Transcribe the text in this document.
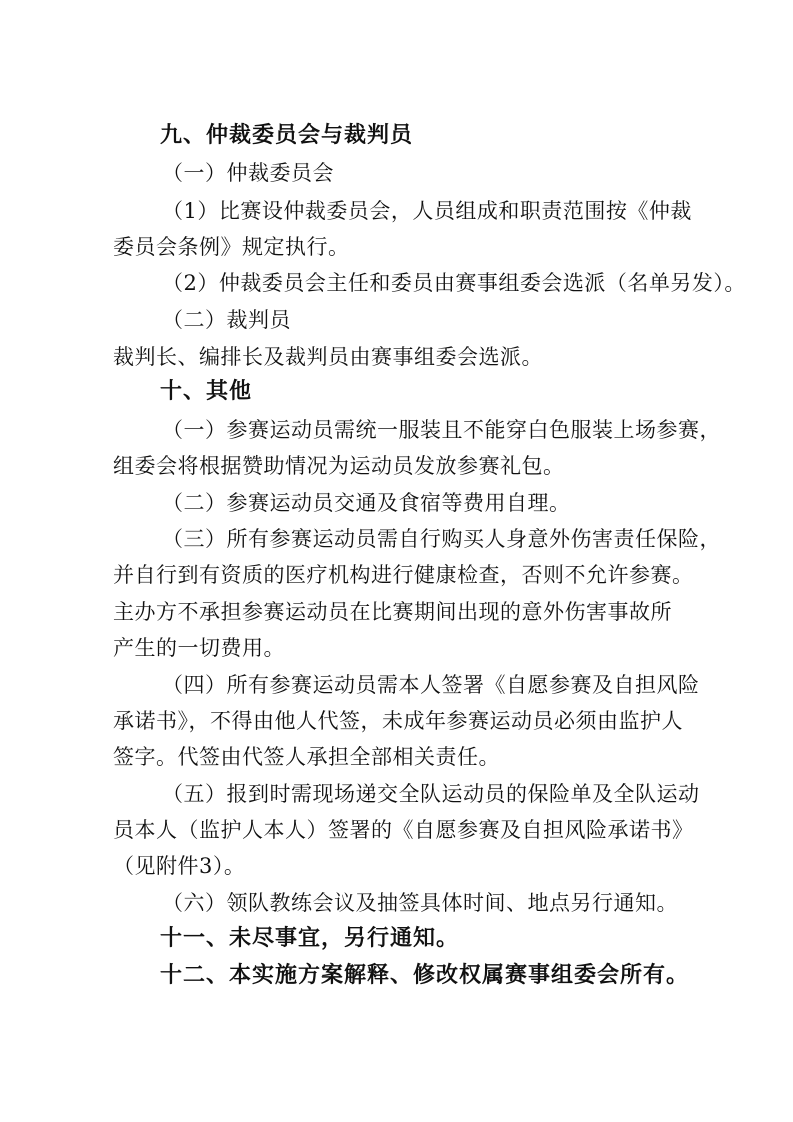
九、仲裁委员会与裁判员
（一）仲裁委员会
（1）比赛设仲裁委员会，人员组成和职责范围按《仲裁
委员会条例》规定执行。
（2）仲裁委员会主任和委员由赛事组委会选派（名单另发）。
（二）裁判员
裁判长、编排长及裁判员由赛事组委会选派。
十、其他
（一）参赛运动员需统一服装且不能穿白色服装上场参赛，
组委会将根据赞助情况为运动员发放参赛礼包。
（二）参赛运动员交通及食宿等费用自理。
（三）所有参赛运动员需自行购买人身意外伤害责任保险，
并自行到有资质的医疗机构进行健康检查，否则不允许参赛。
主办方不承担参赛运动员在比赛期间出现的意外伤害事故所
产生的一切费用。
（四）所有参赛运动员需本人签署《自愿参赛及自担风险
承诺书》，不得由他人代签，未成年参赛运动员必须由监护人
签字。代签由代签人承担全部相关责任。
（五）报到时需现场递交全队运动员的保险单及全队运动
员本人（监护人本人）签署的《自愿参赛及自担风险承诺书》
（见附件3）。
（六）领队教练会议及抽签具体时间、地点另行通知。
十一、未尽事宜，另行通知。
十二、本实施方案解释、修改权属赛事组委会所有。
